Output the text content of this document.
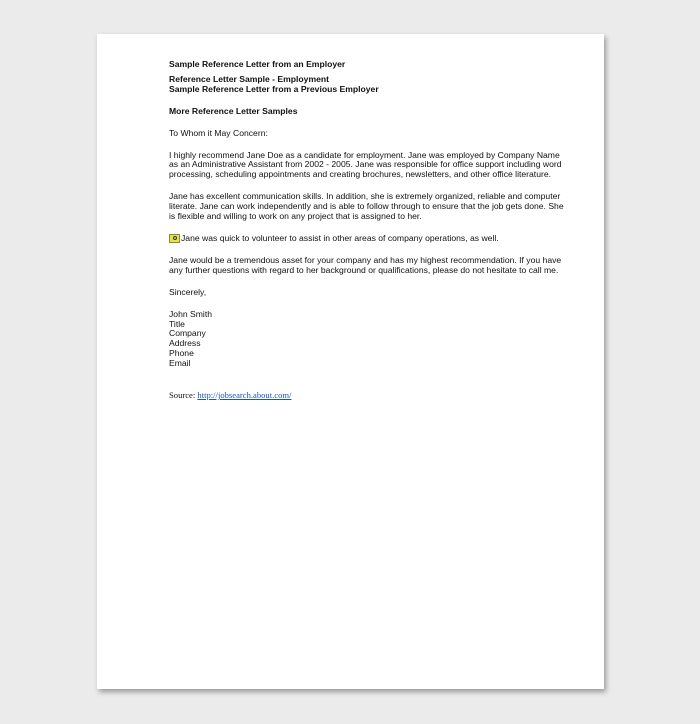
Sample Reference Letter from an Employer

Reference Letter Sample - Employment

Sample Reference Letter from a Previous Employer

More Reference Letter Samples

To Whom it May Concern:

I highly recommend Jane Doe as a candidate for employment. Jane was employed by Company Name as an Administrative Assistant from 2002 - 2005. Jane was responsible for office support including word processing, scheduling appointments and creating brochures, newsletters, and other office literature.

Jane has excellent communication skills. In addition, she is extremely organized, reliable and computer literate. Jane can work independently and is able to follow through to ensure that the job gets done. She is flexible and willing to work on any project that is assigned to her.

Jane was quick to volunteer to assist in other areas of company operations, as well.

Jane would be a tremendous asset for your company and has my highest recommendation. If you have any further questions with regard to her background or qualifications, please do not hesitate to call me.

Sincerely,

John Smith

Title

Company

Address

Phone

Email

Source: http://jobsearch.about.com/
